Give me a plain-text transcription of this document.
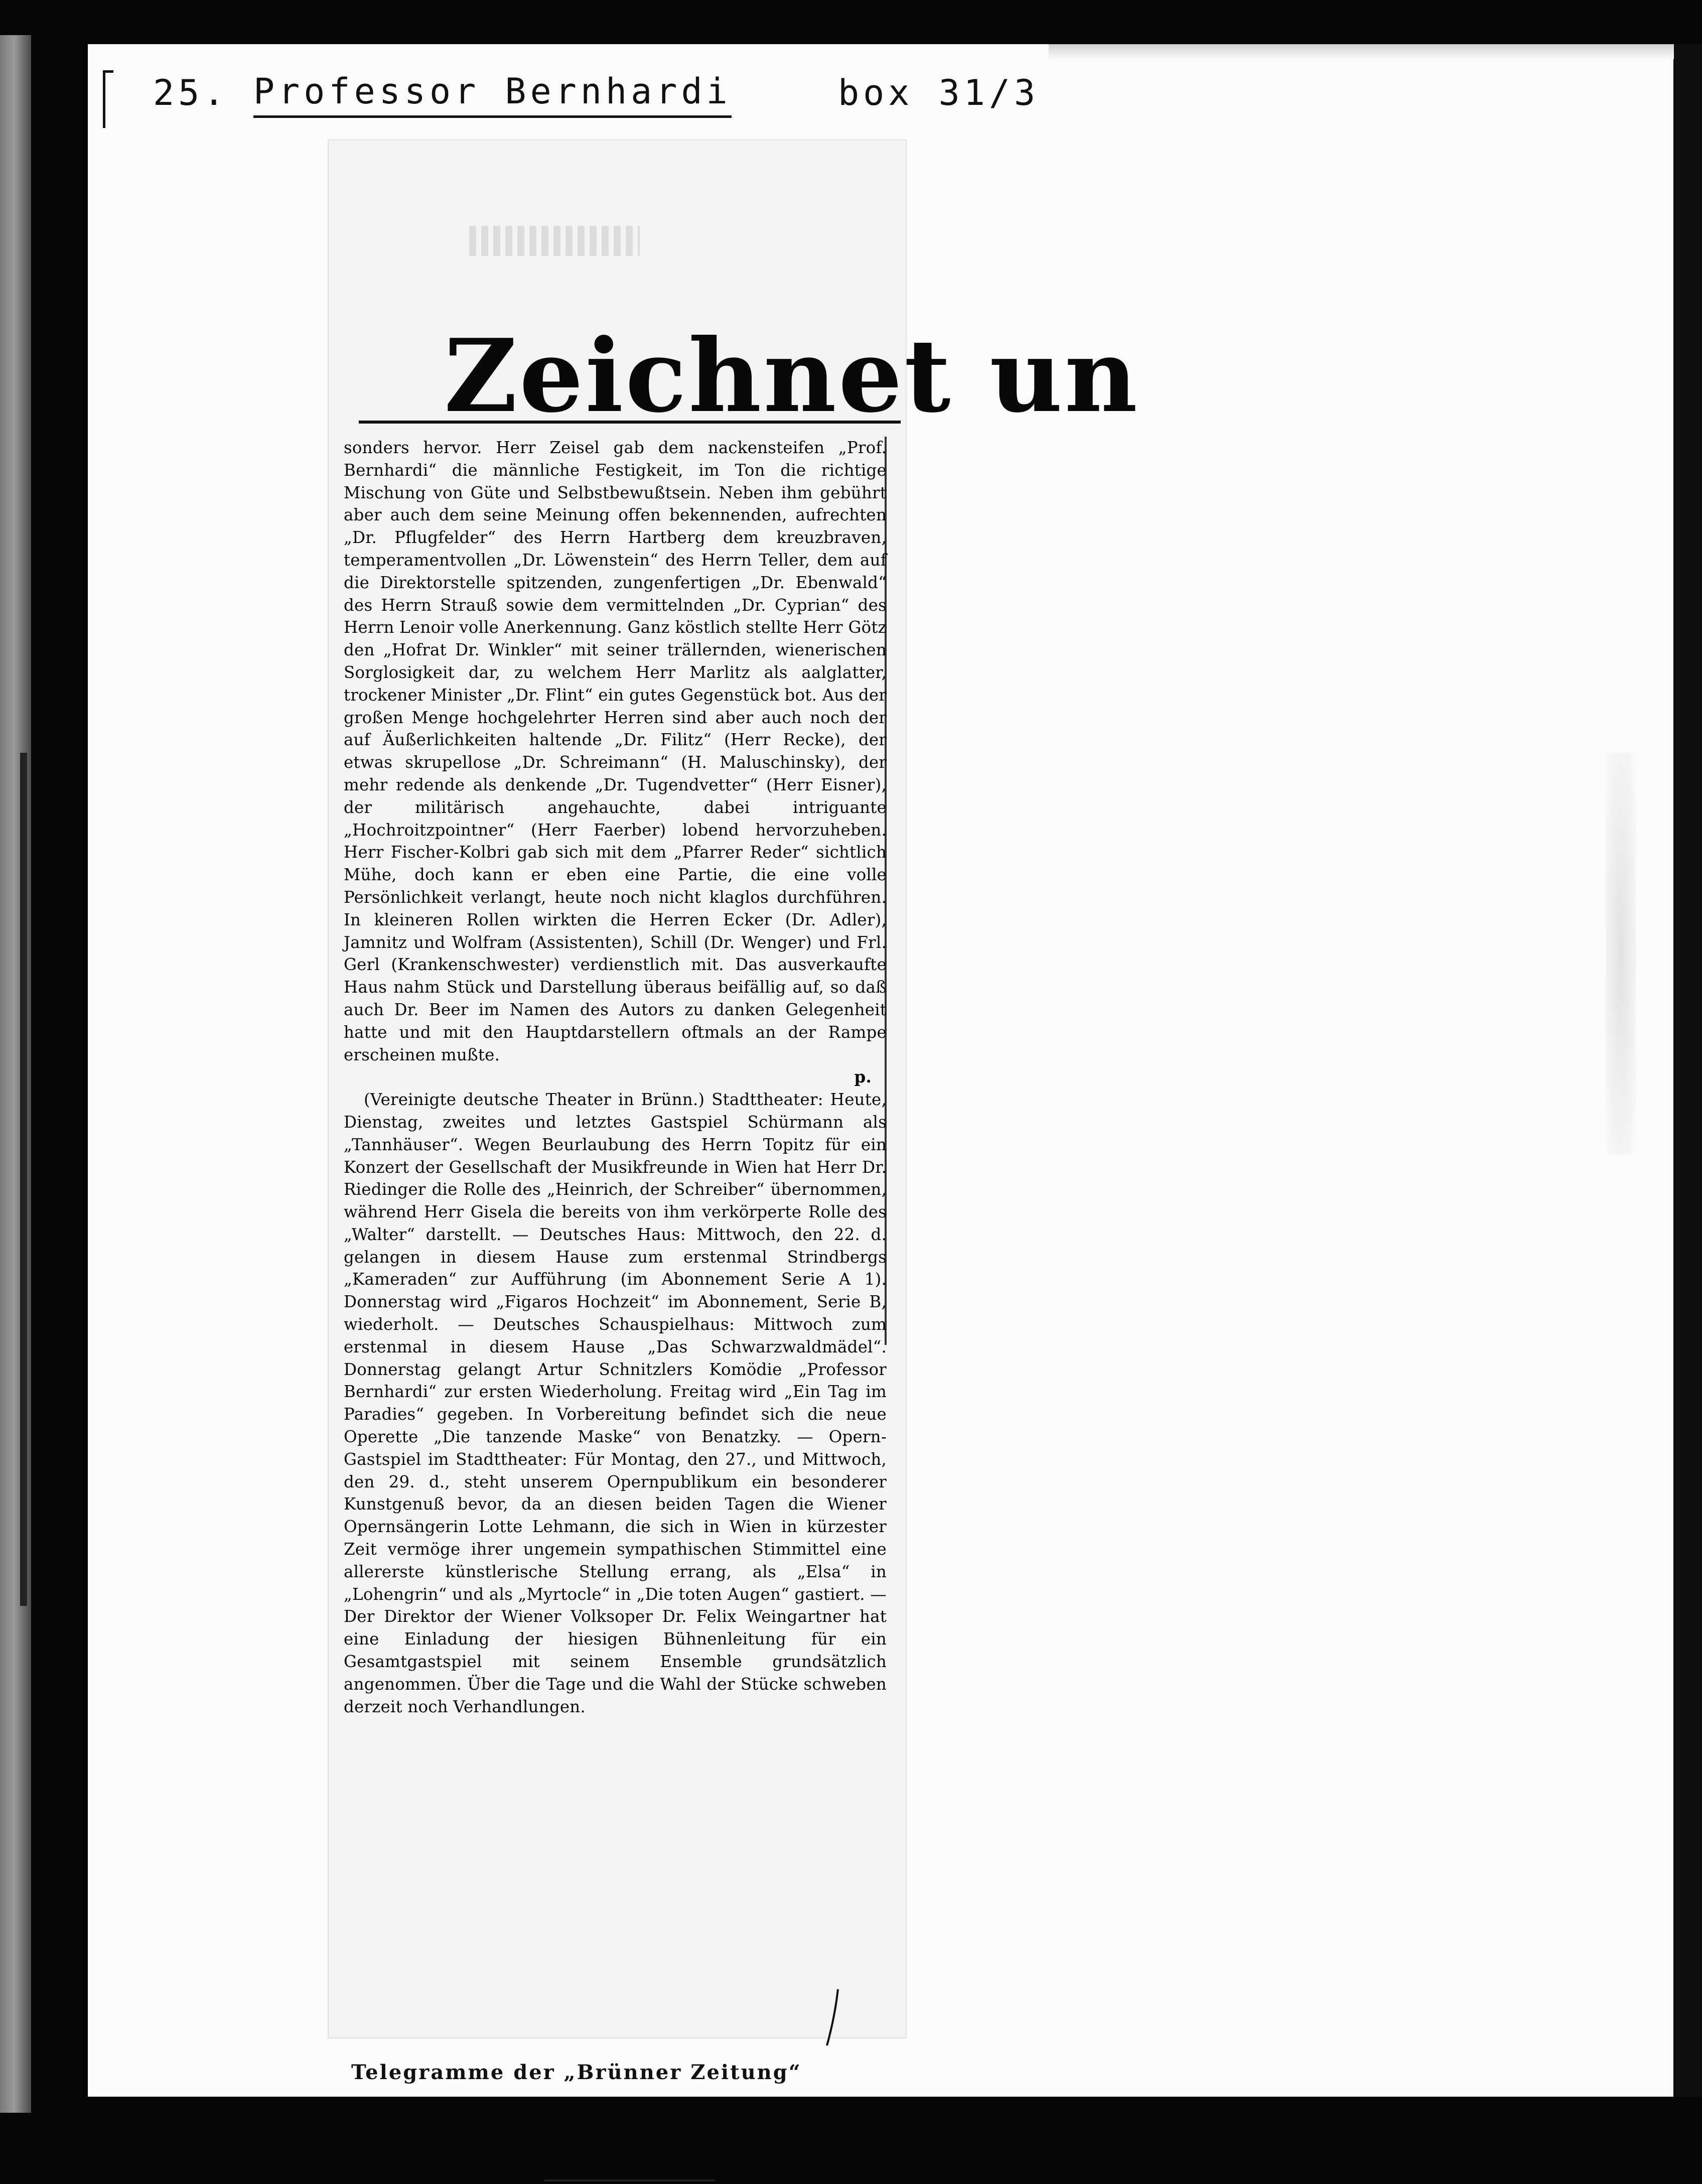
25. Professor Bernhardi	box 31/3
Zeichnet un

sonders hervor. Herr Zeisel gab dem nackensteifen „Prof. Bernhardi“ die männliche Festigkeit, im Ton die richtige Mischung von Güte und Selbstbewußtsein. Neben ihm gebührt aber auch dem seine Meinung offen bekennenden, aufrechten „Dr. Pflugfelder“ des Herrn Hartberg dem kreuzbraven, temperamentvollen „Dr. Löwenstein“ des Herrn Teller, dem auf die Direktorstelle spitzenden, zungenfertigen „Dr. Ebenwald“ des Herrn Strauß sowie dem vermittelnden „Dr. Cyprian“ des Herrn Lenoir volle Anerkennung. Ganz köstlich stellte Herr Götz den „Hofrat Dr. Winkler“ mit seiner trällernden, wienerischen Sorglosigkeit dar, zu welchem Herr Marlitz als aalglatter, trockener Minister „Dr. Flint“ ein gutes Gegenstück bot. Aus der großen Menge hochgelehrter Herren sind aber auch noch der auf Äußerlichkeiten haltende „Dr. Filitz“ (Herr Recke), der etwas skrupellose „Dr. Schreimann“ (H. Maluschinsky), der mehr redende als denkende „Dr. Tugendvetter“ (Herr Eisner), der militärisch angehauchte, dabei intriguante „Hochroitzpointner“ (Herr Faerber) lobend hervorzuheben. Herr Fischer-Kolbri gab sich mit dem „Pfarrer Reder“ sichtlich Mühe, doch kann er eben eine Partie, die eine volle Persönlichkeit verlangt, heute noch nicht klaglos durchführen. In kleineren Rollen wirkten die Herren Ecker (Dr. Adler), Jamnitz und Wolfram (Assistenten), Schill (Dr. Wenger) und Frl. Gerl (Krankenschwester) verdienstlich mit. Das ausverkaufte Haus nahm Stück und Darstellung überaus beifällig auf, so daß auch Dr. Beer im Namen des Autors zu danken Gelegenheit hatte und mit den Hauptdarstellern oftmals an der Rampe erscheinen mußte.

p.

(Vereinigte deutsche Theater in Brünn.) Stadttheater: Heute, Dienstag, zweites und letztes Gastspiel Schürmann als „Tannhäuser“. Wegen Beurlaubung des Herrn Topitz für ein Konzert der Gesellschaft der Musikfreunde in Wien hat Herr Dr. Riedinger die Rolle des „Heinrich, der Schreiber“ übernommen, während Herr Gisela die bereits von ihm verkörperte Rolle des „Walter“ darstellt. — Deutsches Haus: Mittwoch, den 22. d. gelangen in diesem Hause zum erstenmal Strindbergs „Kameraden“ zur Aufführung (im Abonnement Serie A 1). Donnerstag wird „Figaros Hochzeit“ im Abonnement, Serie B, wiederholt. — Deutsches Schauspielhaus: Mittwoch zum erstenmal in diesem Hause „Das Schwarzwaldmädel“. Donnerstag gelangt Artur Schnitzlers Komödie „Professor Bernhardi“ zur ersten Wiederholung. Freitag wird „Ein Tag im Paradies“ gegeben. In Vorbereitung befindet sich die neue Operette „Die tanzende Maske“ von Benatzky. — Opern-Gastspiel im Stadttheater: Für Montag, den 27., und Mittwoch, den 29. d., steht unserem Opernpublikum ein besonderer Kunstgenuß bevor, da an diesen beiden Tagen die Wiener Opernsängerin Lotte Lehmann, die sich in Wien in kürzester Zeit vermöge ihrer ungemein sympathischen Stimmittel eine allererste künstlerische Stellung errang, als „Elsa“ in „Lohengrin“ und als „Myrtocle“ in „Die toten Augen“ gastiert. — Der Direktor der Wiener Volksoper Dr. Felix Weingartner hat eine Einladung der hiesigen Bühnenleitung für ein Gesamtgastspiel mit seinem Ensemble grundsätzlich angenommen. Über die Tage und die Wahl der Stücke schweben derzeit noch Verhandlungen.

Telegramme der „Brünner Zeitung“
